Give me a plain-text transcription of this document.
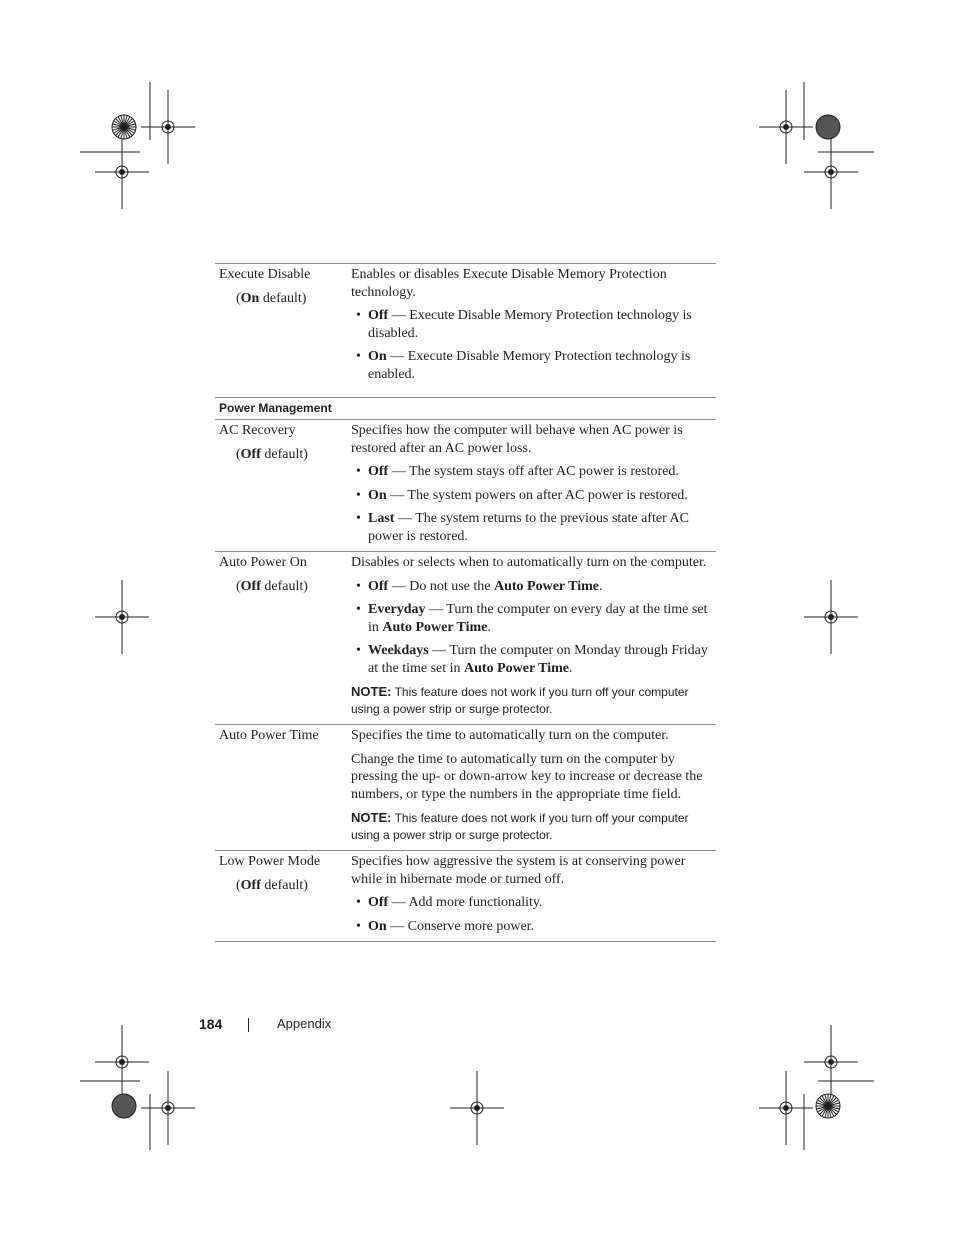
Execute Disable
(On default)

Enables or disables Execute Disable Memory Protection technology.

• Off — Execute Disable Memory Protection technology is disabled.
• On — Execute Disable Memory Protection technology is enabled.
Power Management
AC Recovery
(Off default)

Specifies how the computer will behave when AC power is restored after an AC power loss.

• Off — The system stays off after AC power is restored.
• On — The system powers on after AC power is restored.
• Last — The system returns to the previous state after AC power is restored.
Auto Power On
(Off default)

Disables or selects when to automatically turn on the computer.

• Off — Do not use the Auto Power Time.
• Everyday — Turn the computer on every day at the time set in Auto Power Time.
• Weekdays — Turn the computer on Monday through Friday at the time set in Auto Power Time.

NOTE: This feature does not work if you turn off your computer using a power strip or surge protector.

Auto Power Time	Specifies the time to automatically turn on the computer.

Change the time to automatically turn on the computer by pressing the up- or down-arrow key to increase or decrease the numbers, or type the numbers in the appropriate time field.

NOTE: This feature does not work if you turn off your computer using a power strip or surge protector.

Low Power Mode
(Off default)

Specifies how aggressive the system is at conserving power while in hibernate mode or turned off.

• Off — Add more functionality.
• On — Conserve more power.
184	Appendix
